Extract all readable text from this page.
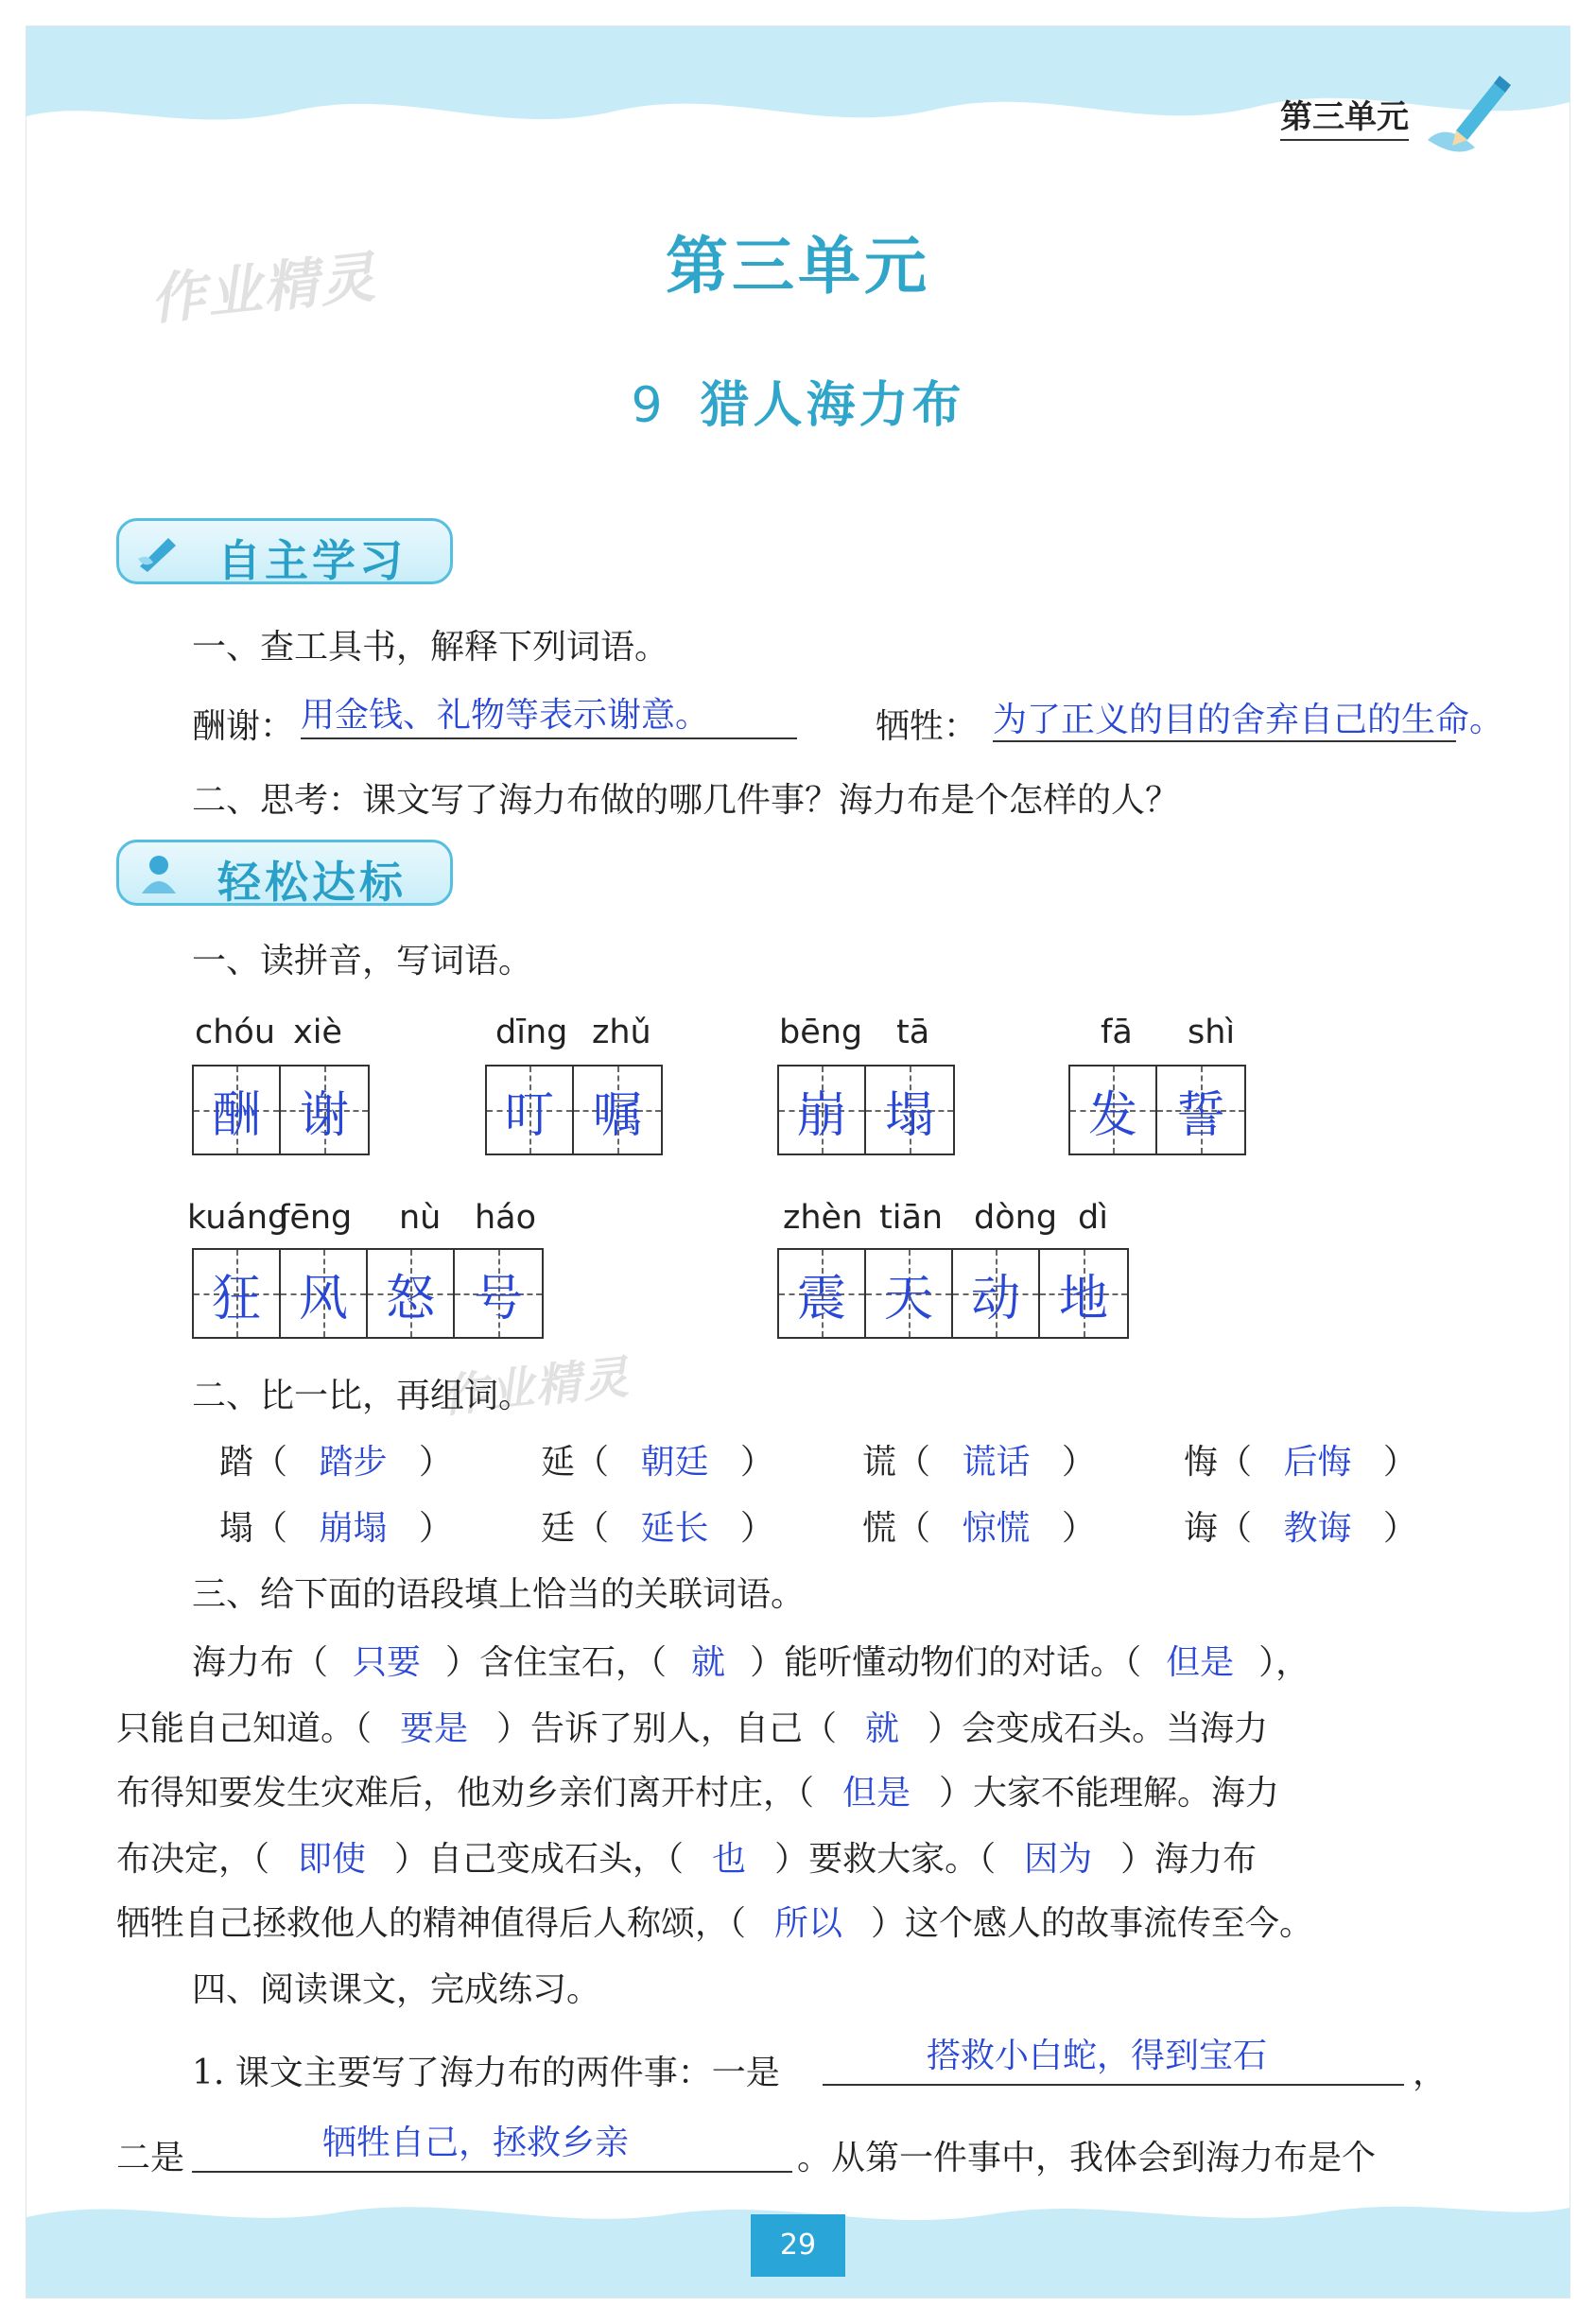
第三单元
作业精灵
作业精灵
第三单元
9 猎人海力布
自主学习
一、查工具书，解释下列词语。
酬谢： 用金钱、礼物等表示谢意。	牺牲： 为了正义的目的舍弃自己的生命。
二、思考：课文写了海力布做的哪几件事？海力布是个怎样的人？
轻松达标
一、读拼音，写词语。
chóu xiè
酬 谢
dīng zhǔ
叮 嘱
bēng tā
崩 塌
fā shì
发 誓
kuáng
fēng nù háo
狂 风 怒 号
zhèn tiān dòng dì
震 天 动 地
二、比一比，再组词。
踏（ 踏步 ）	延（ 朝廷 ）	谎（ 谎话 ）	悔（ 后悔 ）
塌（ 崩塌 ）	廷（ 延长 ）	慌（ 惊慌 ）	诲（ 教诲 ）
三、给下面的语段填上恰当的关联词语。
海力布（ 只要 ）含住宝石，（ 就 ）能听懂动物们的对话。（ 但是 ），
只能自己知道。（ 要是 ）告诉了别人，自己（ 就 ）会变成石头。当海力
布得知要发生灾难后，他劝乡亲们离开村庄，（ 但是 ）大家不能理解。海力
布决定，（ 即使 ）自己变成石头，（ 也 ）要救大家。（ 因为 ）海力布
牺牲自己拯救他人的精神值得后人称颂，（ 所以 ）这个感人的故事流传至今。
四、阅读课文，完成练习。
1. 课文主要写了海力布的两件事：一是	搭救小白蛇，得到宝石	，
二是	牺牲自己，拯救乡亲	。从第一件事中，我体会到海力布是个
29
